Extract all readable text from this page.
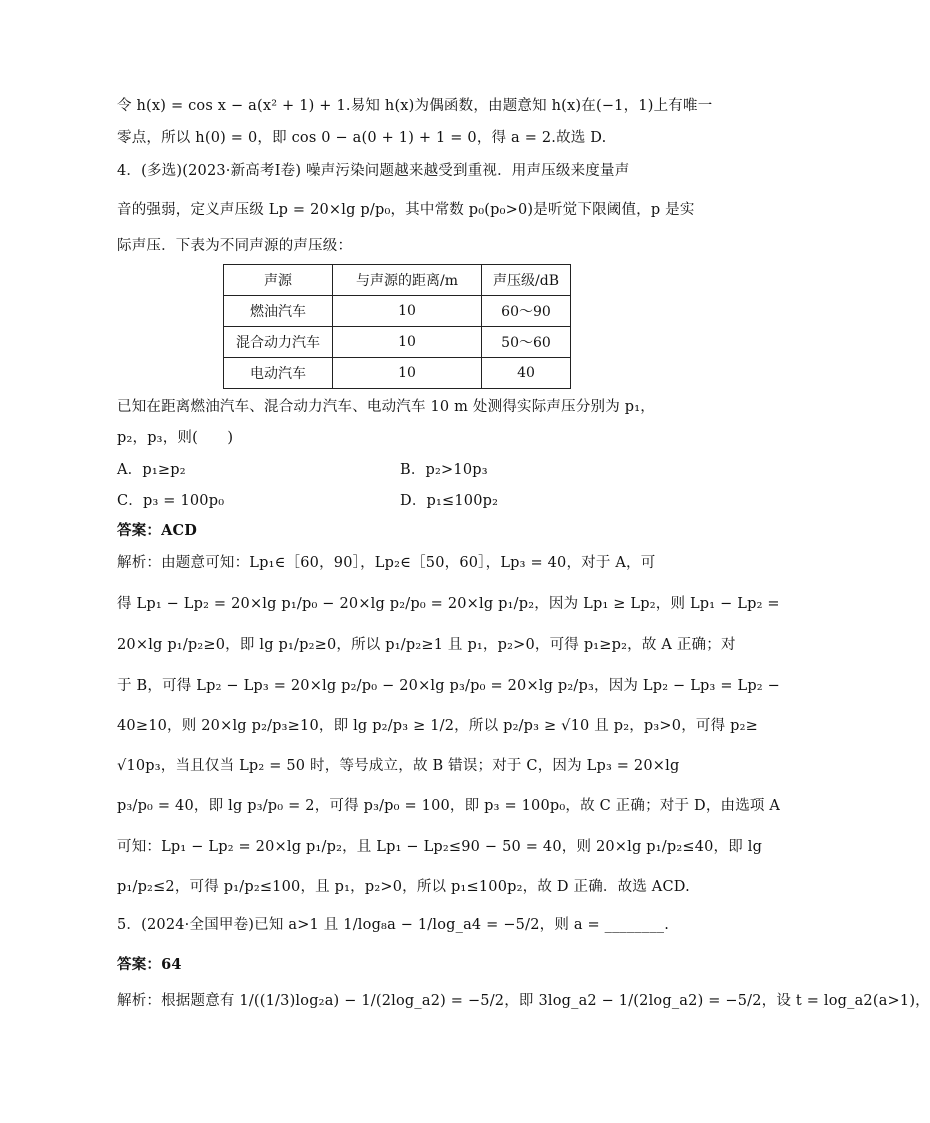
令 h(x) = cos x − a(x² + 1) + 1.易知 h(x)为偶函数，由题意知 h(x)在(−1，1)上有唯一
零点，所以 h(0) = 0，即 cos 0 − a(0 + 1) + 1 = 0，得 a = 2.故选 D.
4．(多选)(2023·新高考Ⅰ卷) 噪声污染问题越来越受到重视．用声压级来度量声
音的强弱，定义声压级 Lp = 20×lg p/p₀，其中常数 p₀(p₀>0)是听觉下限阈值，p 是实
际声压．下表为不同声源的声压级：
声源	与声源的距离/m	声压级/dB
燃油汽车	10	60～90
混合动力汽车	10	50～60
电动汽车	10	40
已知在距离燃油汽车、混合动力汽车、电动汽车 10 m 处测得实际声压分别为 p₁，
p₂，p₃，则(　　)
A．p₁≥p₂	B．p₂>10p₃
C．p₃ = 100p₀	D．p₁≤100p₂
答案：ACD
解析：由题意可知：Lp₁∈［60，90］，Lp₂∈［50，60］，Lp₃ = 40，对于 A，可
得 Lp₁ − Lp₂ = 20×lg p₁/p₀ − 20×lg p₂/p₀ = 20×lg p₁/p₂，因为 Lp₁ ≥ Lp₂，则 Lp₁ − Lp₂ =
20×lg p₁/p₂≥0，即 lg p₁/p₂≥0，所以 p₁/p₂≥1 且 p₁，p₂>0，可得 p₁≥p₂，故 A 正确；对
于 B，可得 Lp₂ − Lp₃ = 20×lg p₂/p₀ − 20×lg p₃/p₀ = 20×lg p₂/p₃，因为 Lp₂ − Lp₃ = Lp₂ −
40≥10，则 20×lg p₂/p₃≥10，即 lg p₂/p₃ ≥ 1/2，所以 p₂/p₃ ≥ √10 且 p₂，p₃>0，可得 p₂≥
√10p₃，当且仅当 Lp₂ = 50 时，等号成立，故 B 错误；对于 C，因为 Lp₃ = 20×lg
p₃/p₀ = 40，即 lg p₃/p₀ = 2，可得 p₃/p₀ = 100，即 p₃ = 100p₀，故 C 正确；对于 D，由选项 A
可知：Lp₁ − Lp₂ = 20×lg p₁/p₂，且 Lp₁ − Lp₂≤90 − 50 = 40，则 20×lg p₁/p₂≤40，即 lg
p₁/p₂≤2，可得 p₁/p₂≤100，且 p₁，p₂>0，所以 p₁≤100p₂，故 D 正确．故选 ACD.
5．(2024·全国甲卷)已知 a>1 且 1/log₈a − 1/log_a4 = −5/2，则 a = ________.
答案：64
解析：根据题意有 1/((1/3)log₂a) − 1/(2log_a2) = −5/2，即 3log_a2 − 1/(2log_a2) = −5/2，设 t = log_a2(a>1)，
